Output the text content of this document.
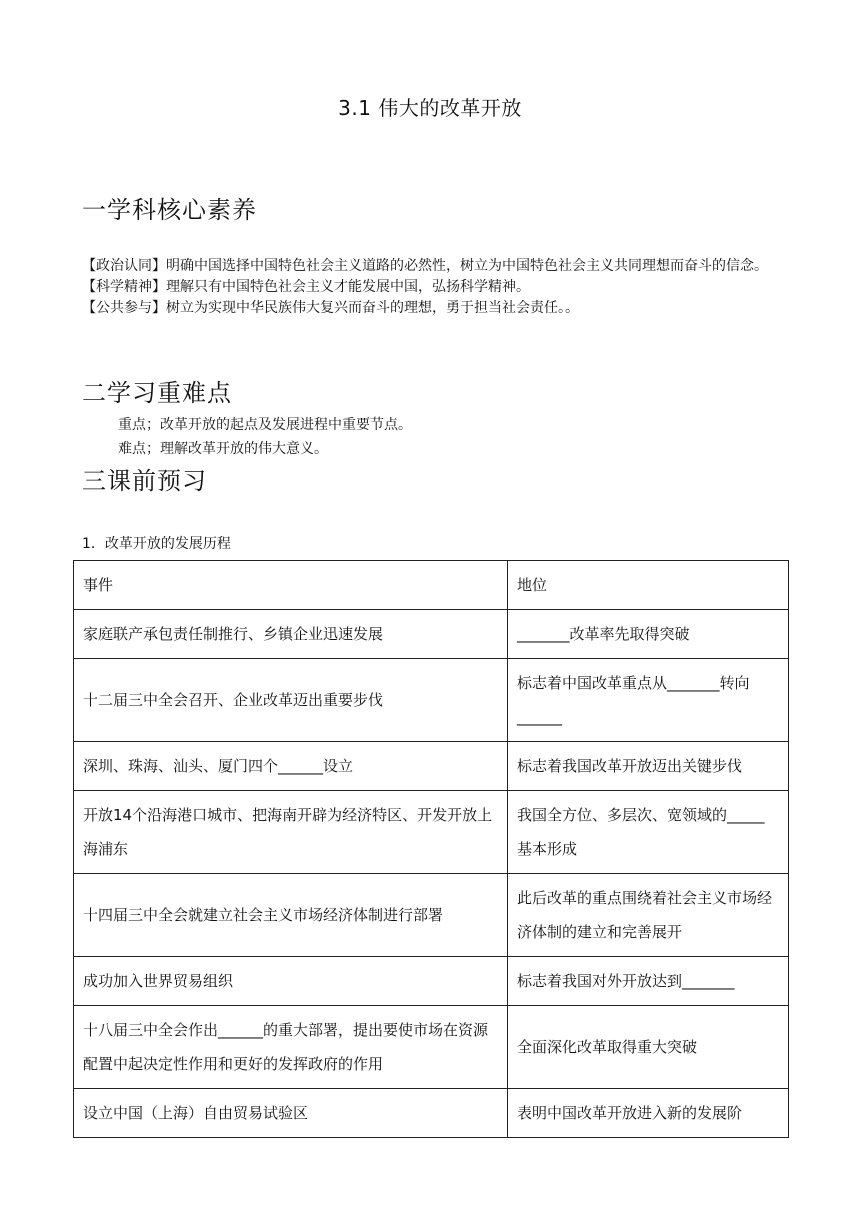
3.1 伟大的改革开放
一学科核心素养

【政治认同】明确中国选择中国特色社会主义道路的必然性，树立为中国特色社会主义共同理想而奋斗的信念。

【科学精神】理解只有中国特色社会主义才能发展中国，弘扬科学精神。

【公共参与】树立为实现中华民族伟大复兴而奋斗的理想，勇于担当社会责任。。

二学习重难点
重点；改革开放的起点及发展进程中重要节点。
难点；理解改革开放的伟大意义。
三课前预习
1．改革开放的发展历程
事件	地位
家庭联产承包责任制推行、乡镇企业迅速发展	_______改革率先取得突破
十二届三中全会召开、企业改革迈出重要步伐	标志着中国改革重点从_______转向______
深圳、珠海、汕头、厦门四个______设立	标志着我国改革开放迈出关键步伐
开放14个沿海港口城市、把海南开辟为经济特区、开发开放上海浦东	我国全方位、多层次、宽领域的_____基本形成
十四届三中全会就建立社会主义市场经济体制进行部署	此后改革的重点围绕着社会主义市场经济体制的建立和完善展开
成功加入世界贸易组织	标志着我国对外开放达到_______
十八届三中全会作出______的重大部署，提出要使市场在资源配置中起决定性作用和更好的发挥政府的作用	全面深化改革取得重大突破
设立中国（上海）自由贸易试验区	表明中国改革开放进入新的发展阶
